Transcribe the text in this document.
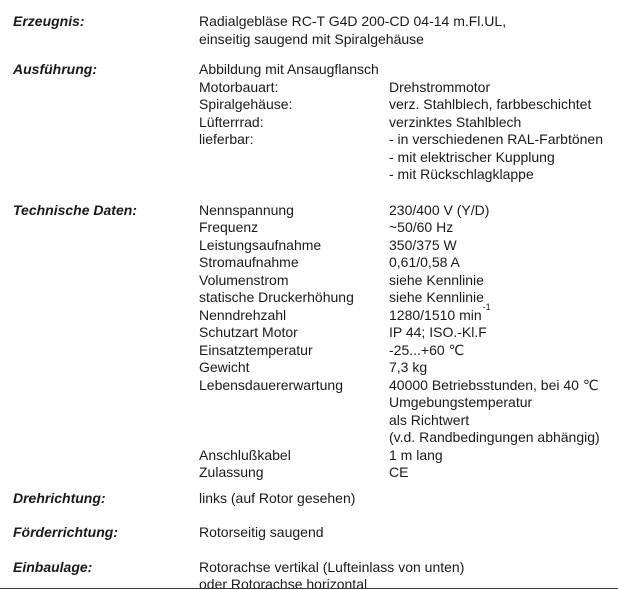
Erzeugnis:	Radialgebläse RC-T G4D 200-CD 04-14 m.Fl.UL,
einseitig saugend mit Spiralgehäuse
Ausführung:	Abbildung mit Ansaugflansch
Motorbauart:	Drehstrommotor
Spiralgehäuse:	verz. Stahlblech, farbbeschichtet
Lüfterrrad:	verzinktes Stahlblech
lieferbar:	- in verschiedenen RAL-Farbtönen

- mit elektrischer Kupplung

- mit Rückschlagklappe
Technische Daten:	Nennspannung	230/400 V (Y/D)
Frequenz	~50/60 Hz
Leistungsaufnahme	350/375 W
Stromaufnahme	0,61/0,58 A
Volumenstrom	siehe Kennlinie
statische Druckerhöhung	siehe Kennlinie
Nenndrehzahl	1280/1510 $\min^{-1}$
Schutzart Motor	IP 44; ISO.-Kl.F
Einsatztemperatur	-25...+60 ℃
Gewicht	7,3 kg
Lebensdauererwartung	40000 Betriebsstunden, bei 40 ℃

Umgebungstemperatur

als Richtwert

(v.d. Randbedingungen abhängig)
Anschlußkabel	1 m lang
Zulassung	CE
Drehrichtung:	links (auf Rotor gesehen)
Förderrichtung:	Rotorseitig saugend
Einbaulage:	Rotorachse vertikal (Lufteinlass von unten)
oder Rotorachse horizontal
